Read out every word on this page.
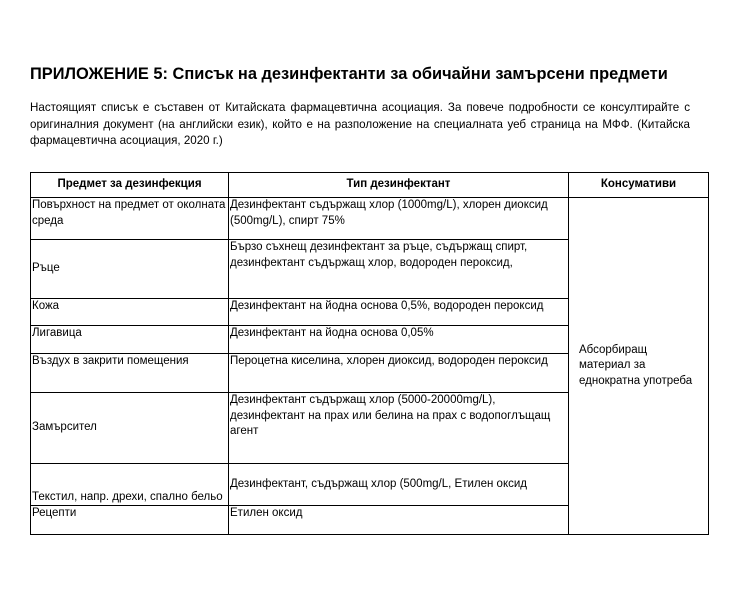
ПРИЛОЖЕНИЕ 5: Списък на дезинфектанти за обичайни замърсени предмети
Настоящият списък е съставен от Китайската фармацевтична асоциация. За повече подробности се консултирайте с оригиналния документ (на английски език), който е на разположение на специалната уеб страница на МФФ. (Китайска фармацевтична асоциация, 2020 г.)
Предмет за дезинфекция	Тип дезинфектант	Консумативи
Повърхност на предмет от околната среда	Дезинфектант съдържащ хлор (1000mg/L), хлорен диоксид (500mg/L), спирт 75%	Абсорбиращ материал за еднократна употреба
Ръце	Бързо съхнещ дезинфектант за ръце, съдържащ спирт, дезинфектант съдържащ хлор, водороден пероксид,	
Кожа	Дезинфектант на йодна основа 0,5%, водороден пероксид	
Лигавица	Дезинфектант на йодна основа 0,05%	
Въздух в закрити помещения	Пероцетна киселина, хлорен диоксид, водороден пероксид	
Замърсител	Дезинфектант съдържащ хлор (5000-20000mg/L), дезинфектант на прах или белина на прах с водопоглъщащ агент	
Текстил, напр. дрехи, спално бельо	Дезинфектант, съдържащ хлор (500mg/L, Етилен оксид	
Рецепти	Етилен оксид	
